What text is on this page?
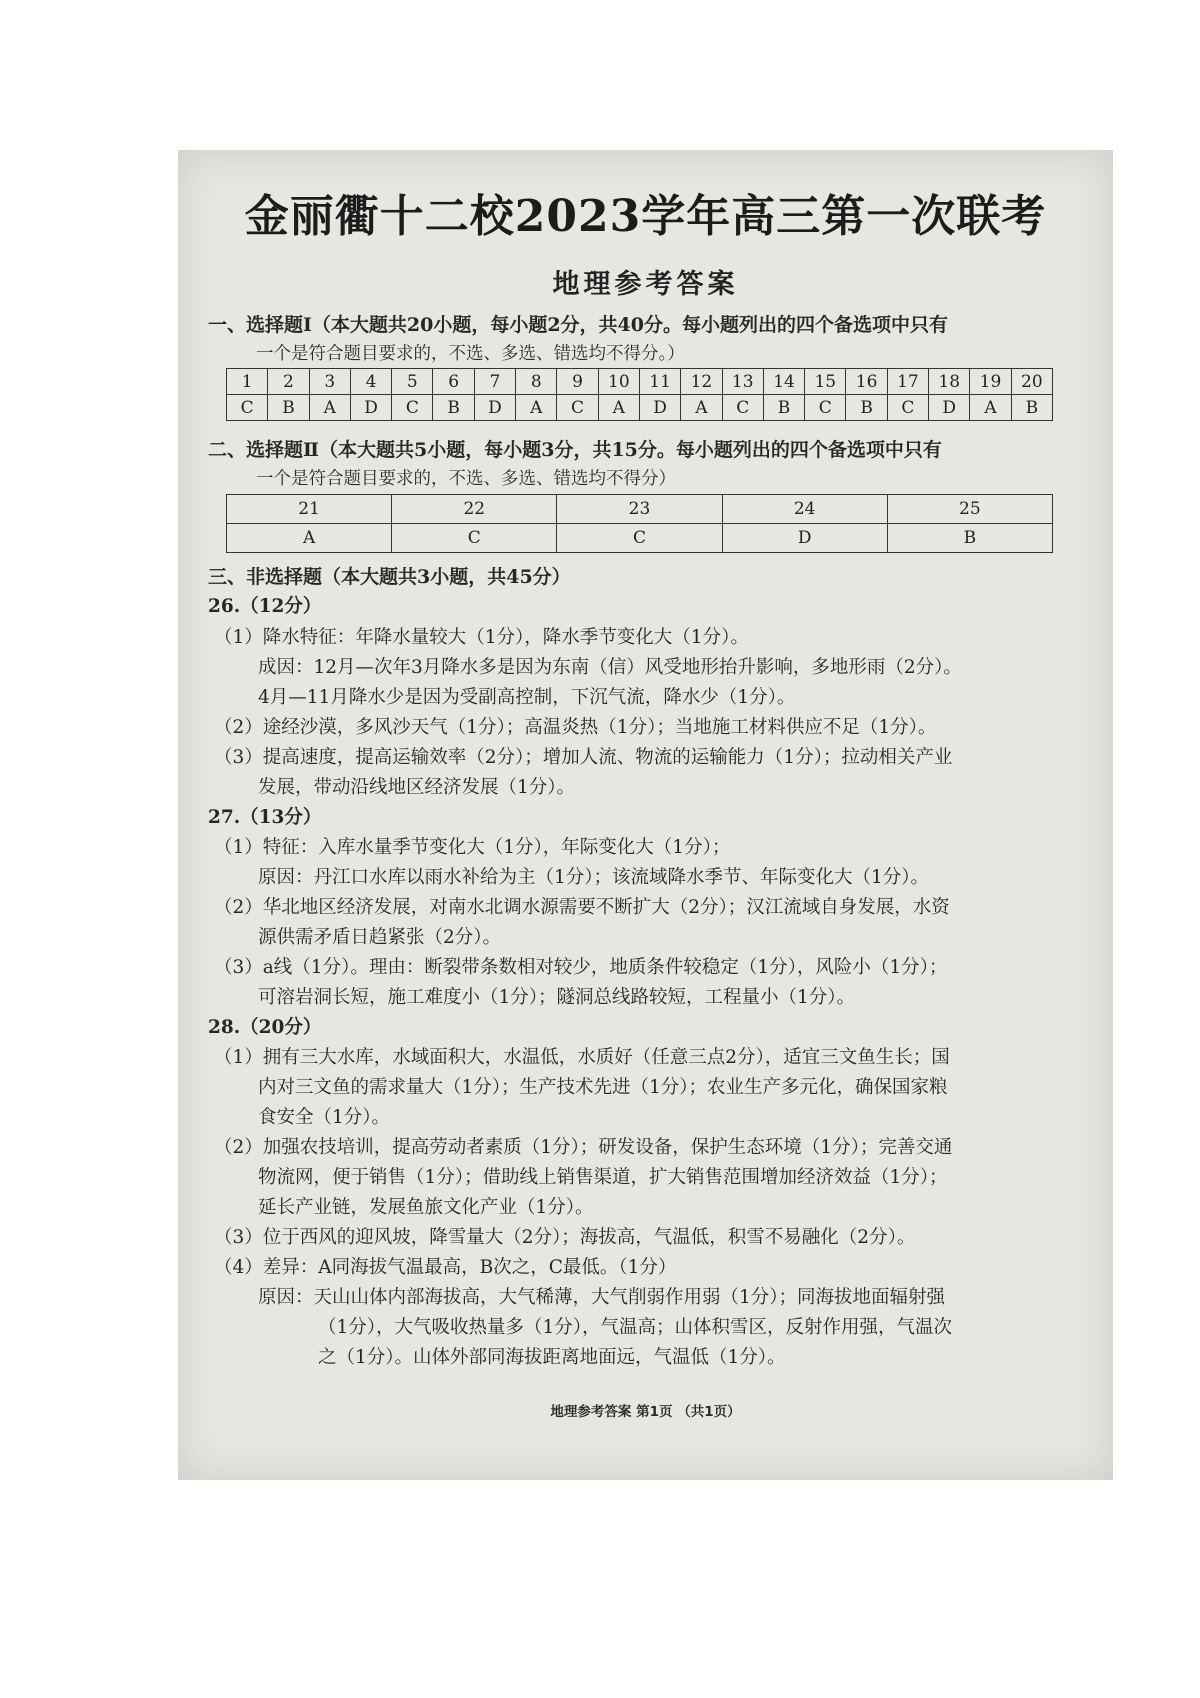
金丽衢十二校2023学年高三第一次联考
地理参考答案
一、选择题Ⅰ（本大题共20小题，每小题2分，共40分。每小题列出的四个备选项中只有
一个是符合题目要求的，不选、多选、错选均不得分。）
1	2	3	4	5	6	7	8	9	10	11	12	13	14	15	16	17	18	19	20
C	B	A	D	C	B	D	A	C	A	D	A	C	B	C	B	C	D	A	B
二、选择题Ⅱ（本大题共5小题，每小题3分，共15分。每小题列出的四个备选项中只有
一个是符合题目要求的，不选、多选、错选均不得分）
21	22	23	24	25
A	C	C	D	B
三、非选择题（本大题共3小题，共45分）
26.（12分）
（1）降水特征：年降水量较大（1分），降水季节变化大（1分）。
成因：12月—次年3月降水多是因为东南（信）风受地形抬升影响，多地形雨（2分）。
4月—11月降水少是因为受副高控制，下沉气流，降水少（1分）。
（2）途经沙漠，多风沙天气（1分）；高温炎热（1分）；当地施工材料供应不足（1分）。
（3）提高速度，提高运输效率（2分）；增加人流、物流的运输能力（1分）；拉动相关产业
发展，带动沿线地区经济发展（1分）。
27.（13分）
（1）特征：入库水量季节变化大（1分），年际变化大（1分）；
原因：丹江口水库以雨水补给为主（1分）；该流域降水季节、年际变化大（1分）。
（2）华北地区经济发展，对南水北调水源需要不断扩大（2分）；汉江流域自身发展，水资
源供需矛盾日趋紧张（2分）。
（3）a线（1分）。理由：断裂带条数相对较少，地质条件较稳定（1分），风险小（1分）；
可溶岩洞长短，施工难度小（1分）；隧洞总线路较短，工程量小（1分）。
28.（20分）
（1）拥有三大水库，水域面积大，水温低，水质好（任意三点2分），适宜三文鱼生长；国
内对三文鱼的需求量大（1分）；生产技术先进（1分）；农业生产多元化，确保国家粮
食安全（1分）。
（2）加强农技培训，提高劳动者素质（1分）；研发设备，保护生态环境（1分）；完善交通
物流网，便于销售（1分）；借助线上销售渠道，扩大销售范围增加经济效益（1分）；
延长产业链，发展鱼旅文化产业（1分）。
（3）位于西风的迎风坡，降雪量大（2分）；海拔高，气温低，积雪不易融化（2分）。
（4）差异：A同海拔气温最高，B次之，C最低。（1分）
原因：天山山体内部海拔高，大气稀薄，大气削弱作用弱（1分）；同海拔地面辐射强
（1分），大气吸收热量多（1分），气温高；山体积雪区，反射作用强，气温次
之（1分）。山体外部同海拔距离地面远，气温低（1分）。
地理参考答案 第1页 （共1页）
